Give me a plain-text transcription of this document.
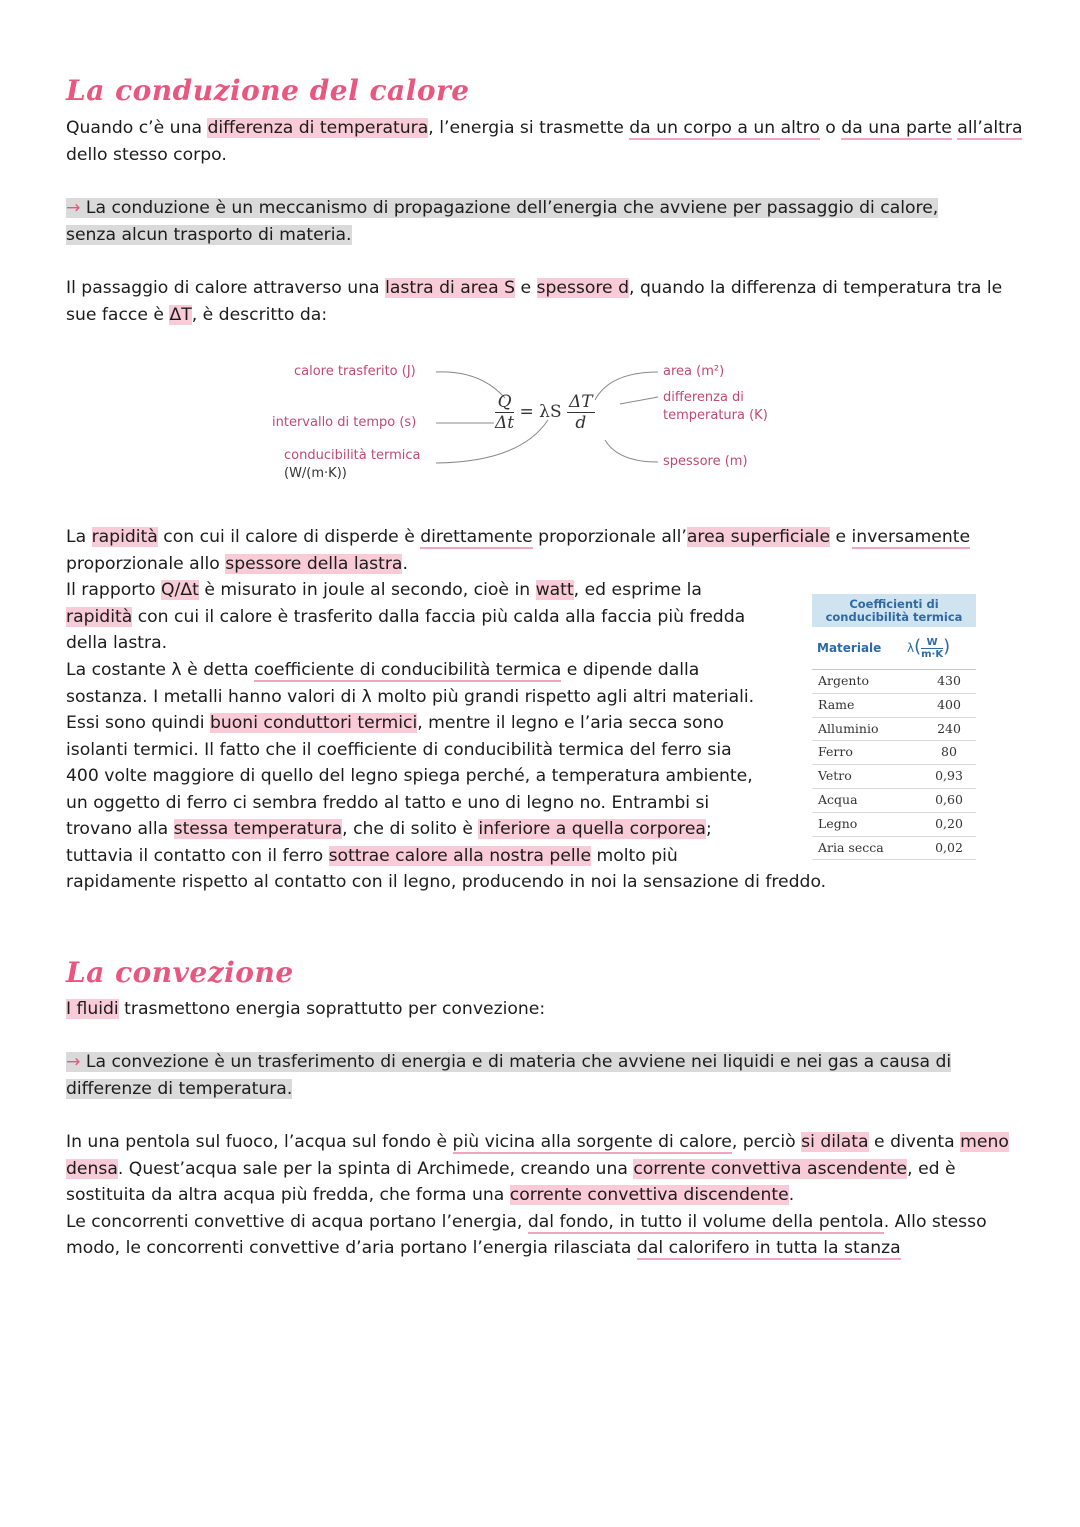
La conduzione del calore
Quando c’è una differenza di temperatura, l’energia si trasmette da un corpo a un altro o da una parte all’altra dello stesso corpo.
→ La conduzione è un meccanismo di propagazione dell’energia che avviene per passaggio di calore, senza alcun trasporto di materia.
Il passaggio di calore attraverso una lastra di area S e spessore d, quando la differenza di temperatura tra le sue facce è ΔT, è descritto da:
calore trasferito (J)
intervallo di tempo (s)
conducibilità termica
(W/(m·K))
area (m²)
differenza di
temperatura (K)
spessore (m)
$\frac{Q}{\Delta t} = \lambda S \frac{\Delta T}{d}$
La rapidità con cui il calore di disperde è direttamente proporzionale all’area superficiale e inversamente proporzionale allo spessore della lastra.
Il rapporto Q/Δt è misurato in joule al secondo, cioè in watt, ed esprime la
rapidità con cui il calore è trasferito dalla faccia più calda alla faccia più fredda
della lastra.
La costante λ è detta coefficiente di conducibilità termica e dipende dalla
sostanza. I metalli hanno valori di λ molto più grandi rispetto agli altri materiali.
Essi sono quindi buoni conduttori termici, mentre il legno e l’aria secca sono
isolanti termici. Il fatto che il coefficiente di conducibilità termica del ferro sia
400 volte maggiore di quello del legno spiega perché, a temperatura ambiente,
un oggetto di ferro ci sembra freddo al tatto e uno di legno no. Entrambi si
trovano alla stessa temperatura, che di solito è inferiore a quella corporea;
tuttavia il contatto con il ferro sottrae calore alla nostra pelle molto più
rapidamente rispetto al contatto con il legno, producendo in noi la sensazione di freddo.
Coefficienti di
conducibilità termica
Materiale	$\lambda( \frac{W}{m\cdot K}$ )
Argento	430
Rame	400
Alluminio	240
Ferro	80
Vetro	0,93
Acqua	0,60
Legno	0,20
Aria secca	0,02
La convezione
I fluidi trasmettono energia soprattutto per convezione:
→ La convezione è un trasferimento di energia e di materia che avviene nei liquidi e nei gas a causa di differenze di temperatura.
In una pentola sul fuoco, l’acqua sul fondo è più vicina alla sorgente di calore, perciò si dilata e diventa meno densa. Quest’acqua sale per la spinta di Archimede, creando una corrente convettiva ascendente, ed è sostituita da altra acqua più fredda, che forma una corrente convettiva discendente.
Le concorrenti convettive di acqua portano l’energia, dal fondo, in tutto il volume della pentola. Allo stesso modo, le concorrenti convettive d’aria portano l’energia rilasciata dal calorifero in tutta la stanza
